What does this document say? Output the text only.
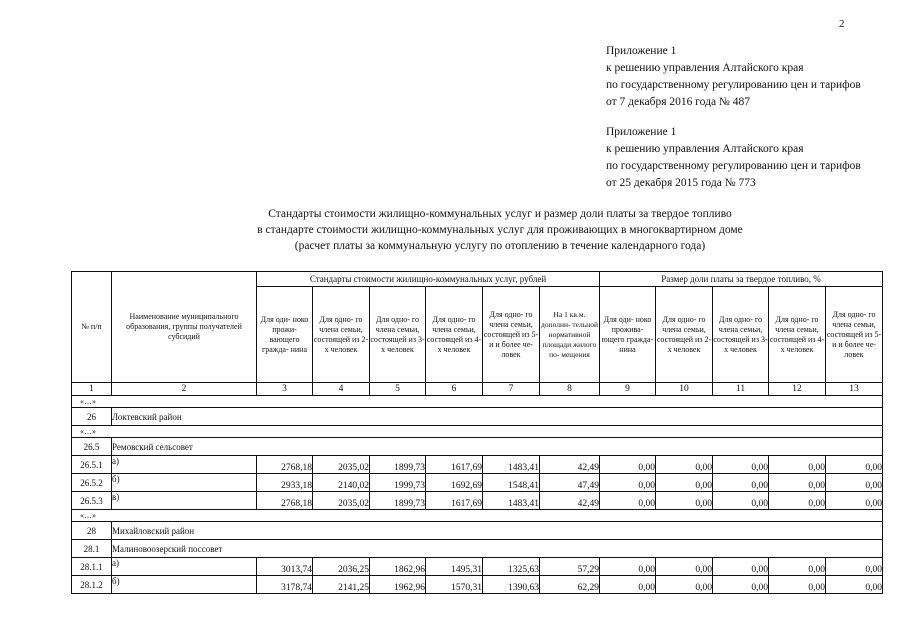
2
Приложение 1
к решению управления Алтайского края
по государственному регулированию цен и тарифов
от 7 декабря 2016 года № 487
Приложение 1
к решению управления Алтайского края
по государственному регулированию цен и тарифов
от 25 декабря 2015 года № 773
Стандарты стоимости жилищно-коммунальных услуг и размер доли платы за твердое топливо
в стандарте стоимости жилищно-коммунальных услуг для проживающих в многоквартирном доме
(расчет платы за коммунальную услугу по отоплению в течение календарного года)
№ п/п	Наименование муниципального образования, группы получателей субсидий	Стандарты стоимости жилищно-коммунальных услуг, рублей						Размер доли платы за твердое топливо, %				
		Для оди- ноко прожи- вающего гражда- нина	Для одно- го члена семьи, состоящей из 2-х человек	Для одно- го члена семьи, состоящей из 3-х человек	Для одно- го члена семьи, состоящей из 4-х человек	Для одно- го члена семьи, состоящей из 5-и и более че- ловек	На 1 кв.м. дополни- тельной нормативной площади жилого по- мещения	Для оди- ноко прожива- ющего гражда- нина	Для одно- го члена семьи, состоящей из 2-х человек	Для одно- го члена семьи, состоящей из 3-х человек	Для одно- го члена семьи, состоящей из 4-х человек	Для одно- го члена семьи, состоящей из 5-и и более че- ловек
1	2	3	4	5	6	7	8	9	10	11	12	13
«…»												
26	Локтевский район											
«…»												
26.5	Ремовский сельсовет											
26.5.1	а)	2768,18	2035,02	1899,73	1617,69	1483,41	42,49	0,00	0,00	0,00	0,00	0,00
26.5.2	б)	2933,18	2140,02	1999,73	1692,69	1548,41	47,49	0,00	0,00	0,00	0,00	0,00
26.5.3	в)	2768,18	2035,02	1899,73	1617,69	1483,41	42,49	0,00	0,00	0,00	0,00	0,00
«…»												
28	Михайловский район											
28.1	Малиновоозерский поссовет											
28.1.1	а)	3013,74	2036,25	1862,96	1495,31	1325,63	57,29	0,00	0,00	0,00	0,00	0,00
28.1.2	б)	3178,74	2141,25	1962,96	1570,31	1390,63	62,29	0,00	0,00	0,00	0,00	0,00
